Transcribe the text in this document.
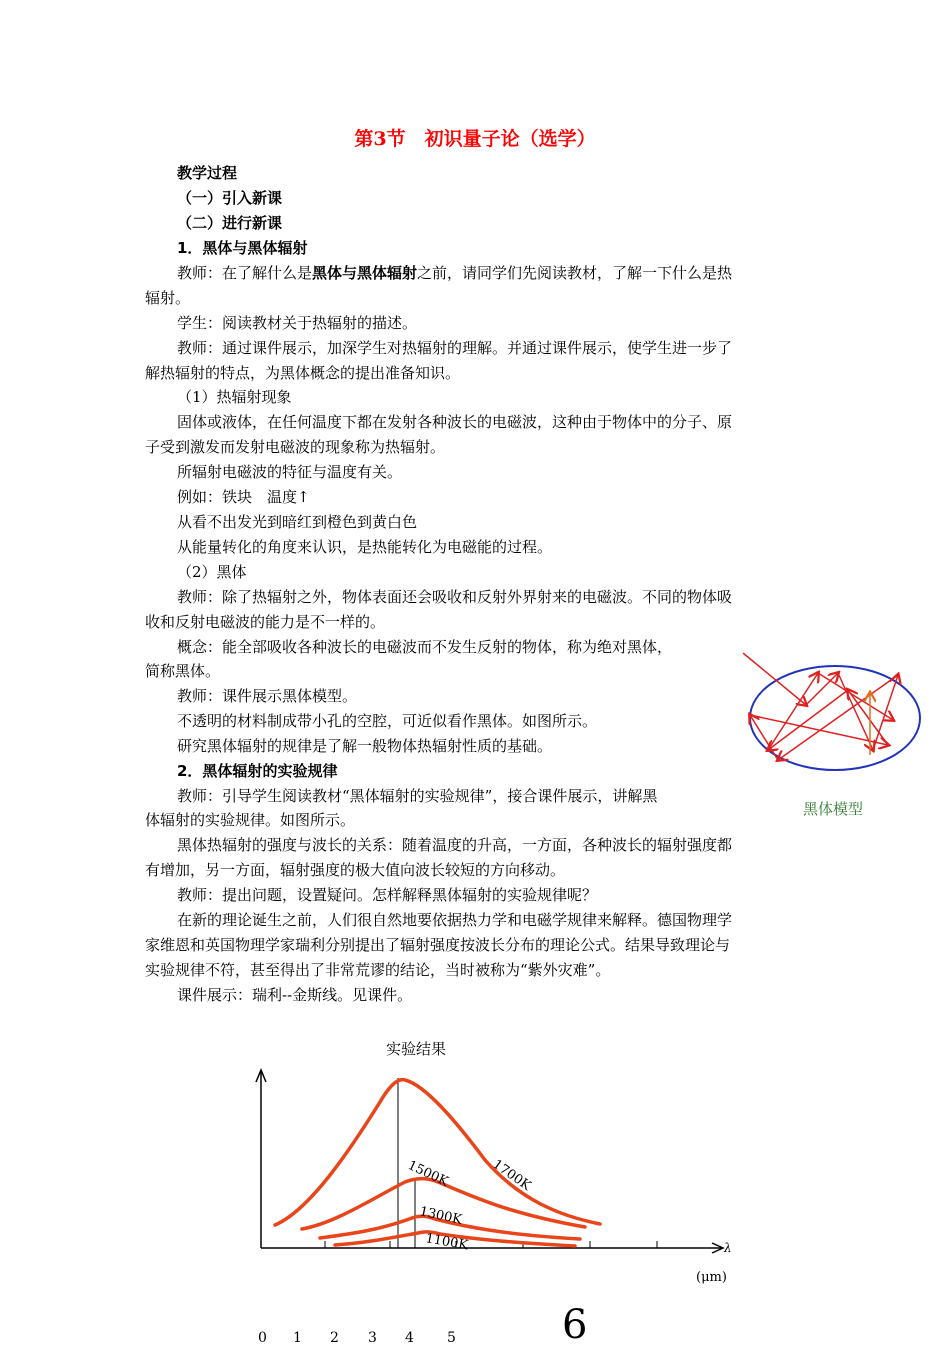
第3节　初识量子论（选学）
教学过程
（一）引入新课
（二）进行新课
1．黑体与黑体辐射
教师：在了解什么是黑体与黑体辐射之前，请同学们先阅读教材，了解一下什么是热
辐射。
学生：阅读教材关于热辐射的描述。
教师：通过课件展示，加深学生对热辐射的理解。并通过课件展示，使学生进一步了
解热辐射的特点，为黑体概念的提出准备知识。
（1）热辐射现象
固体或液体，在任何温度下都在发射各种波长的电磁波，这种由于物体中的分子、原
子受到激发而发射电磁波的现象称为热辐射。
所辐射电磁波的特征与温度有关。
例如：铁块　温度↑
从看不出发光到暗红到橙色到黄白色
从能量转化的角度来认识，是热能转化为电磁能的过程。
（2）黑体
教师：除了热辐射之外，物体表面还会吸收和反射外界射来的电磁波。不同的物体吸
收和反射电磁波的能力是不一样的。
概念：能全部吸收各种波长的电磁波而不发生反射的物体，称为绝对黑体，
简称黑体。
教师：课件展示黑体模型。
不透明的材料制成带小孔的空腔，可近似看作黑体。如图所示。
研究黑体辐射的规律是了解一般物体热辐射性质的基础。
2．黑体辐射的实验规律
教师：引导学生阅读教材“黑体辐射的实验规律”，接合课件展示，讲解黑
体辐射的实验规律。如图所示。
黑体热辐射的强度与波长的关系：随着温度的升高，一方面，各种波长的辐射强度都
有增加，另一方面，辐射强度的极大值向波长较短的方向移动。
教师：提出问题，设置疑问。怎样解释黑体辐射的实验规律呢？
在新的理论诞生之前，人们很自然地要依据热力学和电磁学规律来解释。德国物理学
家维恩和英国物理学家瑞利分别提出了辐射强度按波长分布的理论公式。结果导致理论与
实验规律不符，甚至得出了非常荒谬的结论，当时被称为“紫外灾难”。
课件展示：瑞利--金斯线。见课件。
黑体模型
实验结果
λ
1700K
1500K
1300K
1100K
(μm)
0 1 2 3 4 5	6
